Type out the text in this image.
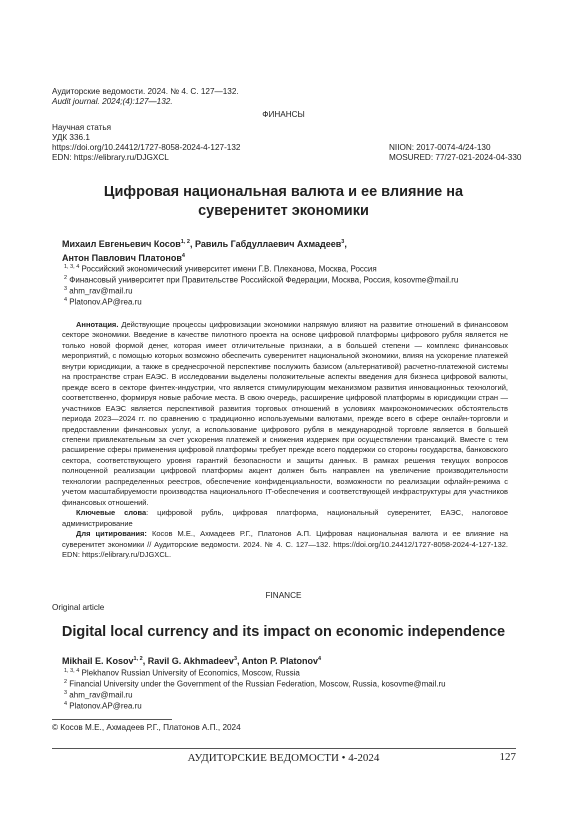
Аудиторские ведомости. 2024. № 4. С. 127—132.
Audit journal. 2024;(4):127—132.
ФИНАНСЫ
Научная статья
УДК 336.1
https://doi.org/10.24412/1727-8058-2024-4-127-132
EDN: https://elibrary.ru/DJGXCL
NIION: 2017-0074-4/24-130
MOSURED: 77/27-021-2024-04-330
Цифровая национальная валюта и ее влияние на суверенитет экономики
Михаил Евгеньевич Косов$^{1, 2}$, Равиль Габдуллаевич Ахмадеев$^3$,
Антон Павлович Платонов$^4$
$^{1, 3, 4}$ Российский экономический университет имени Г.В. Плеханова, Москва, Россия
$^2$ Финансовый университет при Правительстве Российской Федерации, Москва, Россия, kosovme@mail.ru
$^3$ ahm_rav@mail.ru
$^4$ Platonov.AP@rea.ru

Аннотация. Действующие процессы цифровизации экономики напрямую влияют на развитие отношений в финансовом секторе экономики. Введение в качестве пилотного проекта на основе цифровой платформы цифрового рубля является не только новой формой денег, которая имеет отличительные признаки, а в большей степени — комплекс финансовых мероприятий, с помощью которых возможно обеспечить суверенитет национальной экономики, влияя на ускорение платежей внутри юрисдикции, а также в среднесрочной перспективе послужить базисом (альтернативой) расчетно-платежной системы на пространстве стран ЕАЭС. В исследовании выделены положительные аспекты введения для бизнеса цифровой валюты, прежде всего в секторе финтех-индустрии, что является стимулирующим механизмом развития инновационных технологий, соответственно, формируя новые рабочие места. В свою очередь, расширение цифровой платформы в юрисдикции стран — участников ЕАЭС является перспективой развития торговых отношений в условиях макроэкономических обстоятельств периода 2023—2024 гг. по сравнению с традиционно используемыми валютами, прежде всего в сфере онлайн-торговли и предоставлении финансовых услуг, а использование цифрового рубля в международной торговле является в большей степени привлекательным за счет ускорения платежей и снижения издержек при осуществлении трансакций. Вместе с тем расширение сферы применения цифровой платформы требует прежде всего поддержки со стороны государства, банковского сектора, соответствующего уровня гарантий безопасности и защиты данных. В рамках решения текущих вопросов полноценной реализации цифровой платформы акцент должен быть направлен на увеличение производительности технологии распределенных реестров, обеспечение конфиденциальности, возможности по реализации офлайн-режима с учетом масштабируемости производства национального IT-обеспечения и соответствующей инфраструктуры для участников финансовых отношений.

Ключевые слова: цифровой рубль, цифровая платформа, национальный суверенитет, ЕАЭС, налоговое администрирование

Для цитирования: Косов М.Е., Ахмадеев Р.Г., Платонов А.П. Цифровая национальная валюта и ее влияние на суверенитет экономики // Аудиторские ведомости. 2024. № 4. С. 127—132. https://doi.org/10.24412/1727-8058-2024-4-127-132. EDN: https://elibrary.ru/DJGXCL.

FINANCE
Original article
Digital local currency and its impact on economic independence
Mikhail E. Kosov$^{1, 2}$, Ravil G. Akhmadeev$^3$, Anton P. Platonov$^4$
$^{1, 3, 4}$ Plekhanov Russian University of Economics, Moscow, Russia
$^2$ Financial University under the Government of the Russian Federation, Moscow, Russia, kosovme@mail.ru
$^3$ ahm_rav@mail.ru
$^4$ Platonov.AP@rea.ru
© Косов М.Е., Ахмадеев Р.Г., Платонов А.П., 2024
АУДИТОРСКИЕ ВЕДОМОСТИ • 4-2024	127
